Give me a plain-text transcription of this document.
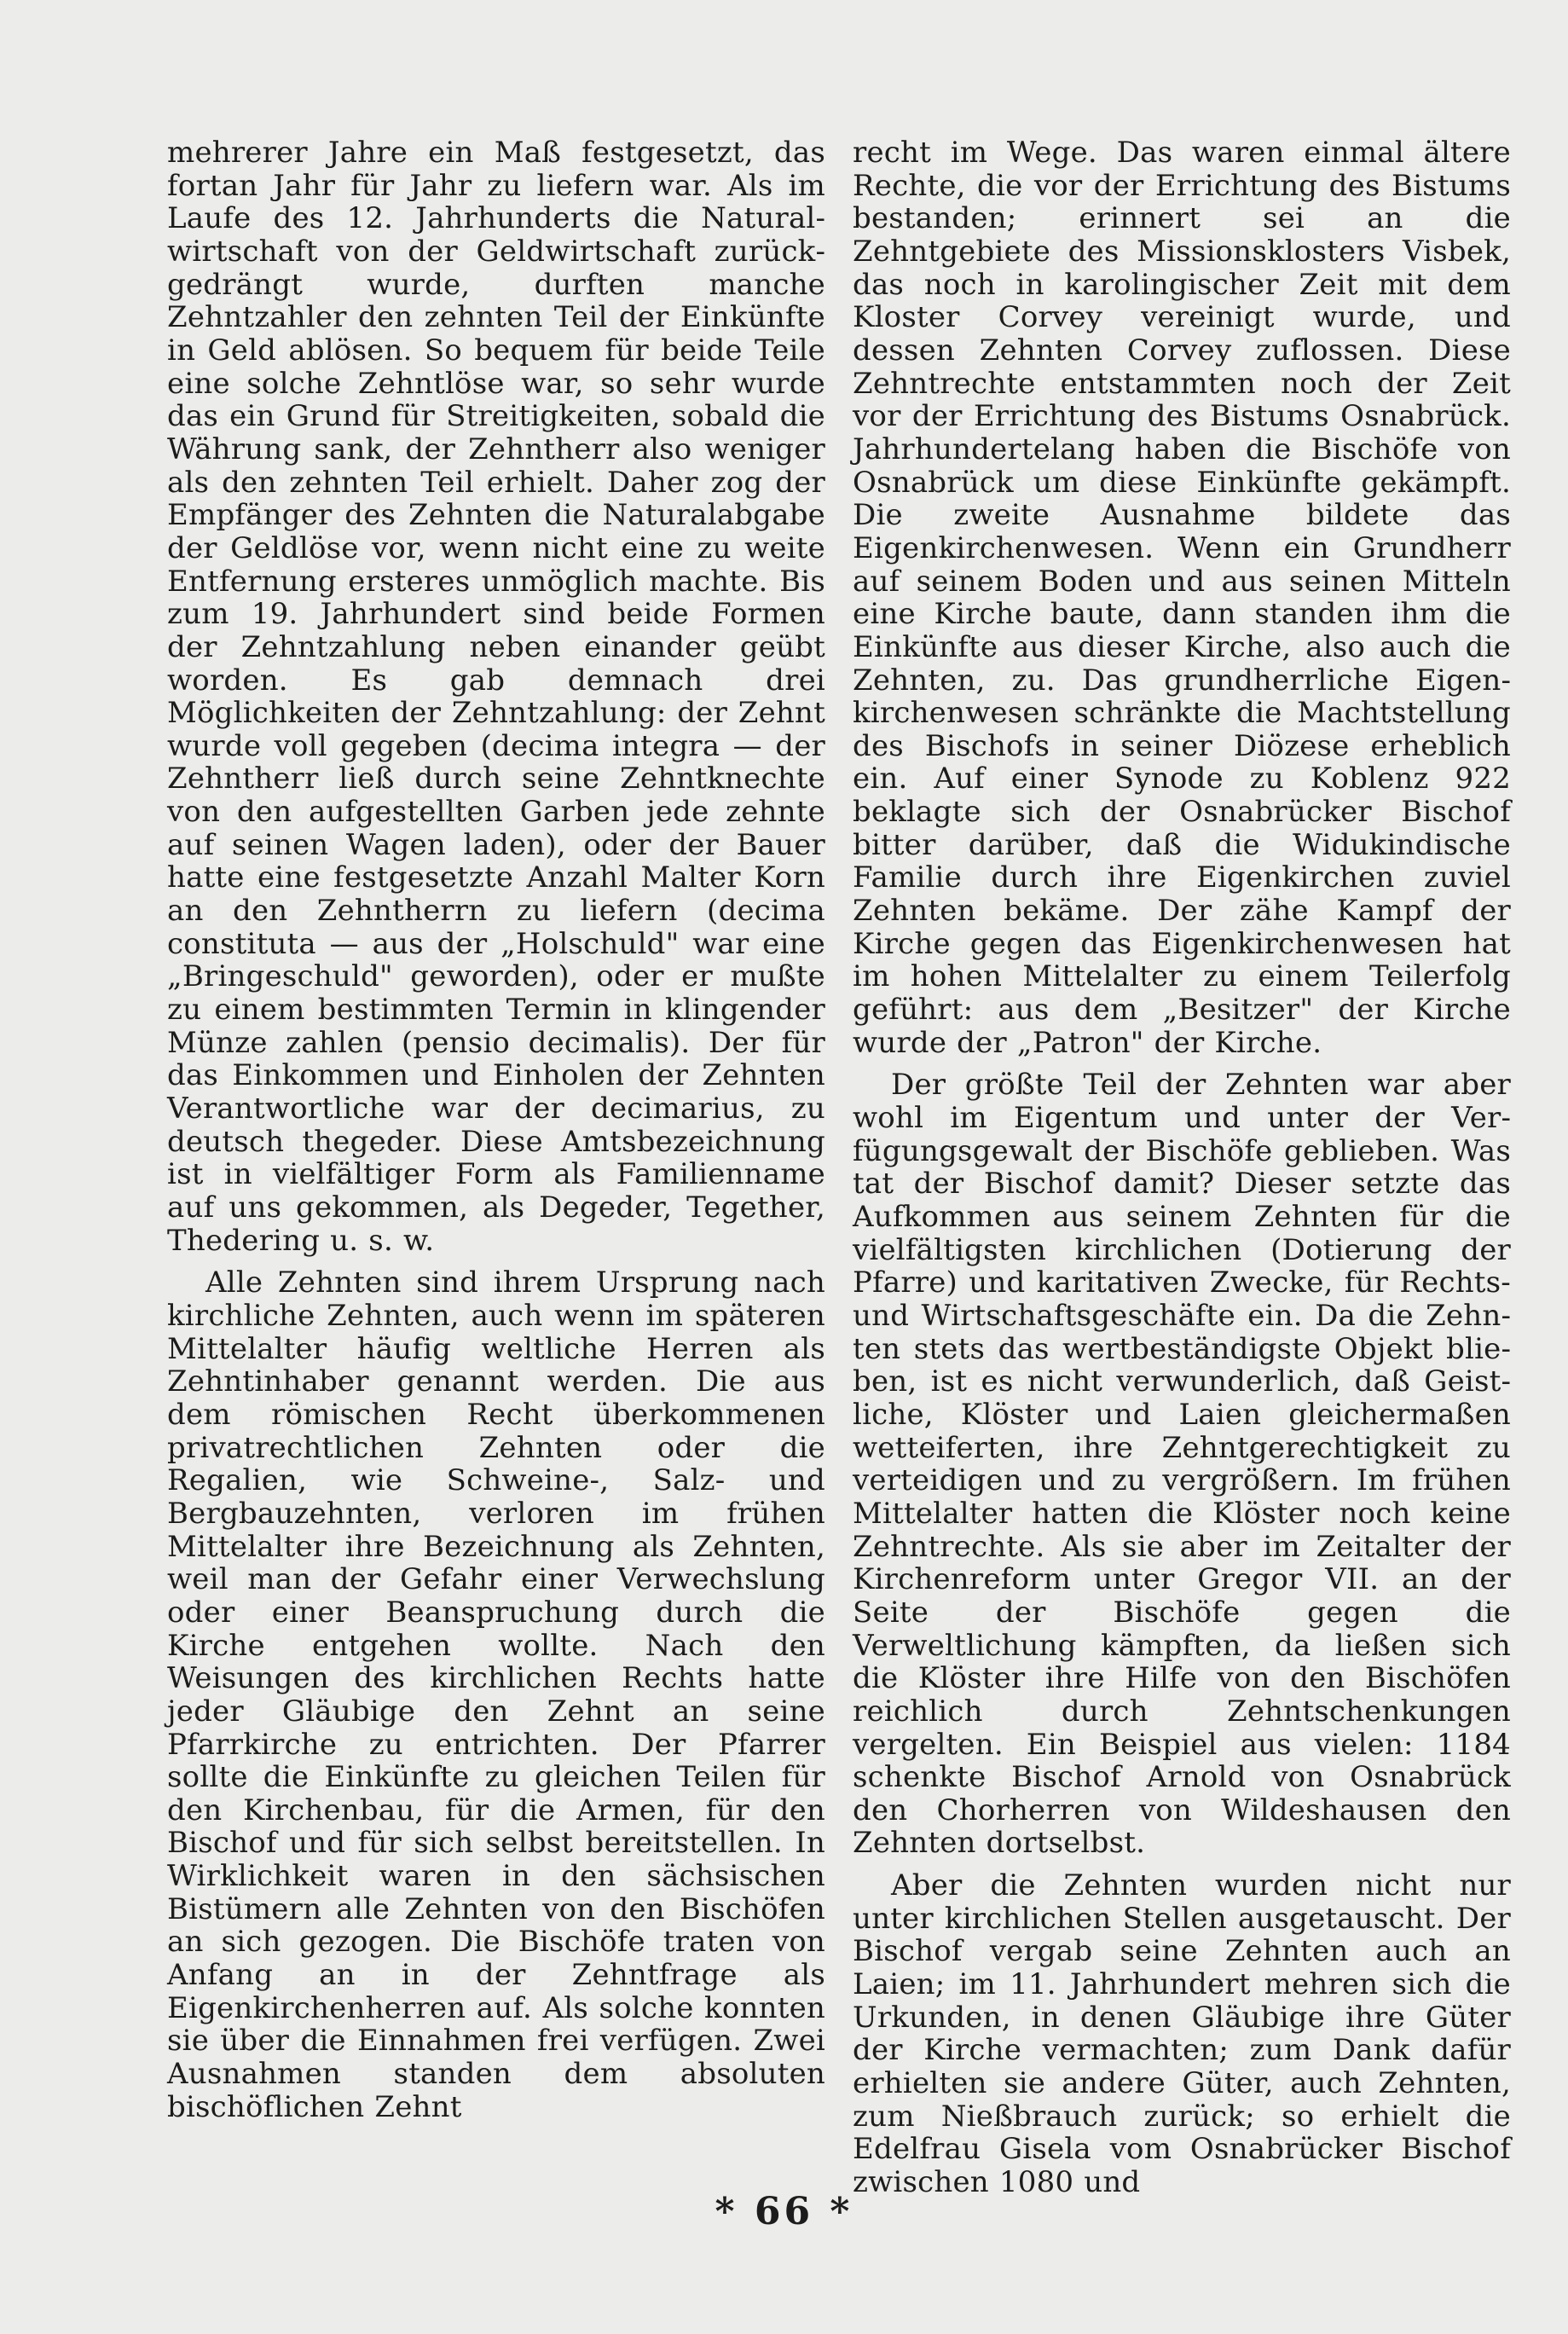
mehrerer Jahre ein Maß festgesetzt, das fortan Jahr für Jahr zu liefern war. Als im Laufe des 12. Jahrhunderts die Naturalwirtschaft von der Geldwirtschaft zurückgedrängt wurde, durften manche Zehntzahler den zehnten Teil der Einkünfte in Geld ablösen. So bequem für beide Teile eine solche Zehntlöse war, so sehr wurde das ein Grund für Streitigkeiten, sobald die Währung sank, der Zehntherr also weniger als den zehnten Teil erhielt. Daher zog der Empfänger des Zehnten die Naturalabgabe der Geldlöse vor, wenn nicht eine zu weite Entfernung ersteres unmöglich machte. Bis zum 19. Jahrhundert sind beide Formen der Zehntzahlung neben einander geübt worden. Es gab demnach drei Möglichkeiten der Zehntzahlung: der Zehnt wurde voll gegeben (decima integra — der Zehntherr ließ durch seine Zehntknechte von den aufgestellten Garben jede zehnte auf seinen Wagen laden), oder der Bauer hatte eine festgesetzte Anzahl Malter Korn an den Zehntherrn zu liefern (decima constituta — aus der „Holschuld" war eine „Bringeschuld" geworden), oder er mußte zu einem bestimmten Termin in klingender Münze zahlen (pensio decimalis). Der für das Einkommen und Einholen der Zehnten Verantwortliche war der decimarius, zu deutsch thegeder. Diese Amtsbezeichnung ist in vielfältiger Form als Familienname auf uns gekommen, als Degeder, Tegether, Thedering u. s. w.

Alle Zehnten sind ihrem Ursprung nach kirchliche Zehnten, auch wenn im späteren Mittelalter häufig weltliche Herren als Zehntinhaber genannt werden. Die aus dem römischen Recht überkommenen privatrechtlichen Zehnten oder die Regalien, wie Schweine-, Salz- und Bergbauzehnten, verloren im frühen Mittelalter ihre Bezeichnung als Zehnten, weil man der Gefahr einer Verwechslung oder einer Beanspruchung durch die Kirche entgehen wollte. Nach den Weisungen des kirchlichen Rechts hatte jeder Gläubige den Zehnt an seine Pfarrkirche zu entrichten. Der Pfarrer sollte die Einkünfte zu gleichen Teilen für den Kirchenbau, für die Armen, für den Bischof und für sich selbst bereitstellen. In Wirklichkeit waren in den sächsischen Bistümern alle Zehnten von den Bischöfen an sich gezogen. Die Bischöfe traten von Anfang an in der Zehntfrage als Eigenkirchenherren auf. Als solche konnten sie über die Einnahmen frei verfügen. Zwei Ausnahmen standen dem absoluten bischöflichen Zehnt

recht im Wege. Das waren einmal ältere Rechte, die vor der Errichtung des Bistums bestanden; erinnert sei an die Zehntgebiete des Missionsklosters Visbek, das noch in karolingischer Zeit mit dem Kloster Corvey vereinigt wurde, und dessen Zehnten Corvey zuflossen. Diese Zehntrechte entstammten noch der Zeit vor der Errichtung des Bistums Osnabrück. Jahrhundertelang haben die Bischöfe von Osnabrück um diese Einkünfte gekämpft. Die zweite Ausnahme bildete das Eigenkirchenwesen. Wenn ein Grundherr auf seinem Boden und aus seinen Mitteln eine Kirche baute, dann standen ihm die Einkünfte aus dieser Kirche, also auch die Zehnten, zu. Das grundherrliche Eigenkirchenwesen schränkte die Machtstellung des Bischofs in seiner Diözese erheblich ein. Auf einer Synode zu Koblenz 922 beklagte sich der Osnabrücker Bischof bitter darüber, daß die Widukindische Familie durch ihre Eigenkirchen zuviel Zehnten bekäme. Der zähe Kampf der Kirche gegen das Eigenkirchenwesen hat im hohen Mittelalter zu einem Teilerfolg geführt: aus dem „Besitzer" der Kirche wurde der „Patron" der Kirche.

Der größte Teil der Zehnten war aber wohl im Eigentum und unter der Verfügungsgewalt der Bischöfe geblieben. Was tat der Bischof damit? Dieser setzte das Aufkommen aus seinem Zehnten für die vielfältigsten kirchlichen (Dotierung der Pfarre) und karitativen Zwecke, für Rechts- und Wirtschaftsgeschäfte ein. Da die Zehnten stets das wertbeständigste Objekt blieben, ist es nicht verwunderlich, daß Geistliche, Klöster und Laien gleichermaßen wetteiferten, ihre Zehntgerechtigkeit zu verteidigen und zu vergrößern. Im frühen Mittelalter hatten die Klöster noch keine Zehntrechte. Als sie aber im Zeitalter der Kirchenreform unter Gregor VII. an der Seite der Bischöfe gegen die Verweltlichung kämpften, da ließen sich die Klöster ihre Hilfe von den Bischöfen reichlich durch Zehntschenkungen vergelten. Ein Beispiel aus vielen: 1184 schenkte Bischof Arnold von Osnabrück den Chorherren von Wildeshausen den Zehnten dortselbst.

Aber die Zehnten wurden nicht nur unter kirchlichen Stellen ausgetauscht. Der Bischof vergab seine Zehnten auch an Laien; im 11. Jahrhundert mehren sich die Urkunden, in denen Gläubige ihre Güter der Kirche vermachten; zum Dank dafür erhielten sie andere Güter, auch Zehnten, zum Nießbrauch zurück; so erhielt die Edelfrau Gisela vom Osnabrücker Bischof zwischen 1080 und

* 66 *
